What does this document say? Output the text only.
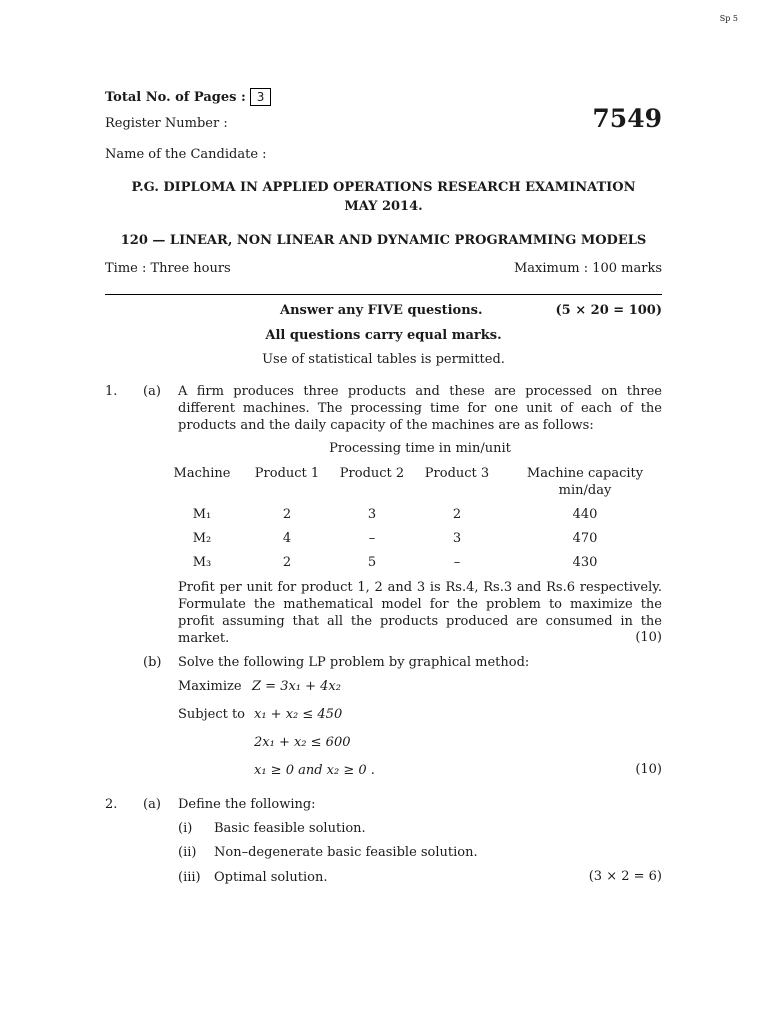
Sp 5
Total No. of Pages : 3
Register Number :	7549
Name of the Candidate :
P.G. DIPLOMA IN APPLIED OPERATIONS RESEARCH EXAMINATION
MAY 2014.
120 — LINEAR, NON LINEAR AND DYNAMIC PROGRAMMING MODELS
Time : Three hours	Maximum : 100 marks
Answer any FIVE questions.	(5 × 20 = 100)
All questions carry equal marks.
Use of statistical tables is permitted.
1. (a) A firm produces three products and these are processed on three different machines. The processing time for one unit of each of the products and the daily capacity of the machines are as follows:
Processing time in min/unit
Machine	Product 1	Product 2	Product 3	Machine capacity
min/day
M₁	2	3	2	440
M₂	4	–	3	470
M₃	2	5	–	430
Profit per unit for product 1, 2 and 3 is Rs.4, Rs.3 and Rs.6 respectively. Formulate the mathematical model for the problem to maximize the profit assuming that all the products produced are consumed in the market.	(10)
(b) Solve the following LP problem by graphical method:
Maximize Z = 3x₁ + 4x₂
Subject to x₁ + x₂ ≤ 450
2x₁ + x₂ ≤ 600
x₁ ≥ 0 and x₂ ≥ 0 .	(10)
2. (a) Define the following:
(i) Basic feasible solution.
(ii) Non–degenerate basic feasible solution.
(iii) Optimal solution.	(3 × 2 = 6)
